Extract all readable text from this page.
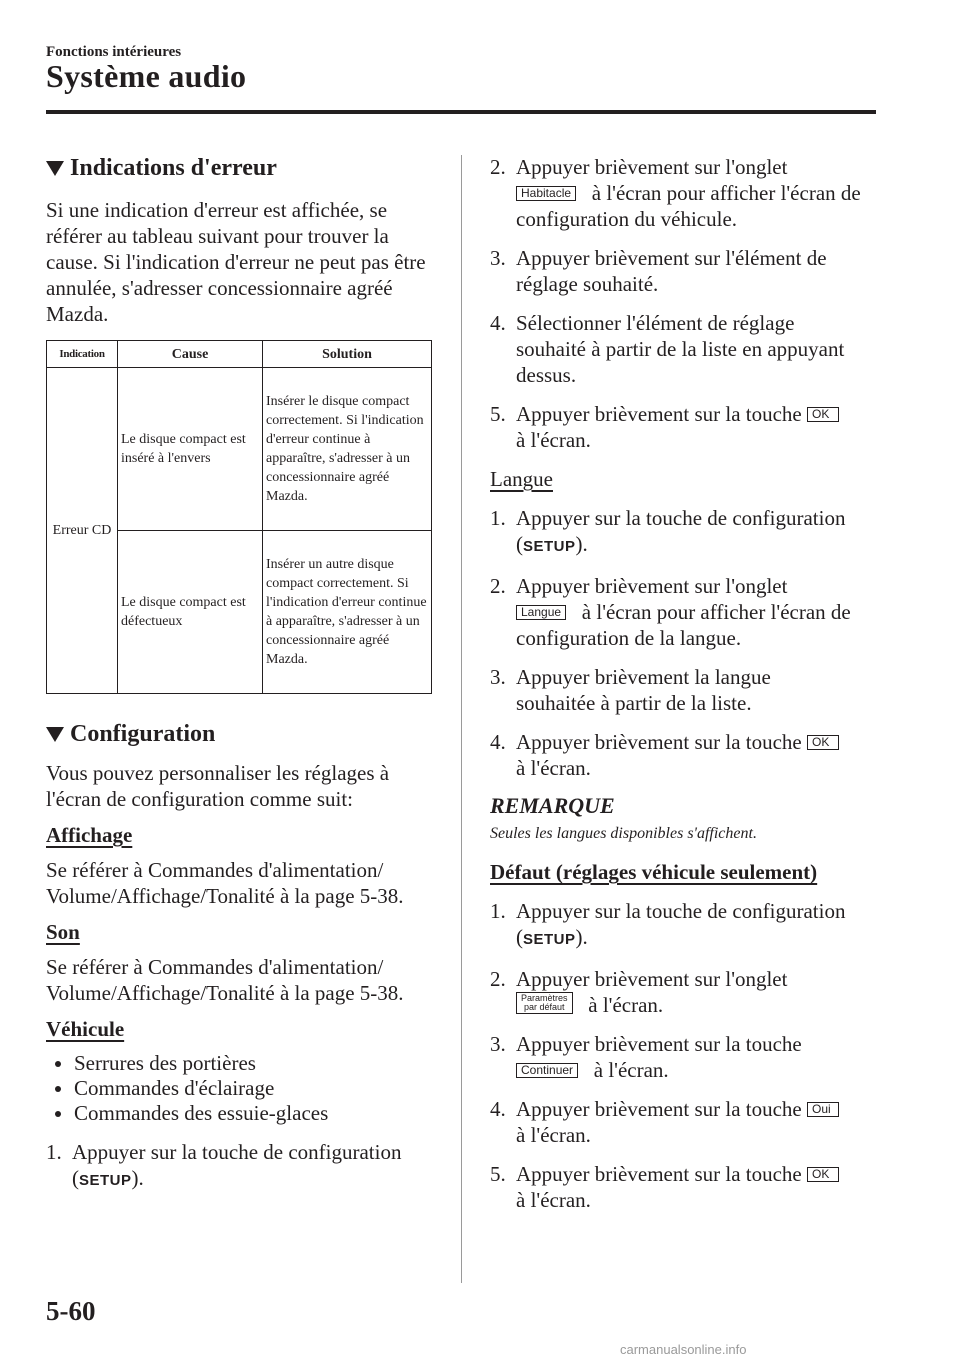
Fonctions intérieures
Système audio
Indications d'erreur

Si une indication d'erreur est affichée, se référer au tableau suivant pour trouver la cause. Si l'indication d'erreur ne peut pas être annulée, s'adresser concessionnaire agréé Mazda.

Indication	Cause	Solution
Erreur CD	Le disque compact est inséré à l'envers	Insérer le disque compact correctement. Si l'indication d'erreur continue à apparaître, s'adresser à un concessionnaire agréé Mazda.
	Le disque compact est défectueux	Insérer un autre disque compact correctement. Si l'indication d'erreur continue à apparaître, s'adresser à un concessionnaire agréé Mazda.
Configuration

Vous pouvez personnaliser les réglages à l'écran de configuration comme suit:

Affichage

Se référer à Commandes d'alimentation/ Volume/Affichage/Tonalité à la page 5-38.

Son

Se référer à Commandes d'alimentation/ Volume/Affichage/Tonalité à la page 5-38.

Véhicule
Serrures des portières
Commandes d'éclairage
Commandes des essuie-glaces
1. Appuyer sur la touche de configuration
(SETUP).
2. Appuyer brièvement sur l'onglet
Habitacle à l'écran pour afficher l'écran de configuration du véhicule.
3. Appuyer brièvement sur l'élément de
réglage souhaité.
4. Sélectionner l'élément de réglage
souhaité à partir de la liste en appuyant
dessus.
5. Appuyer brièvement sur la touche OK
à l'écran.
Langue
1. Appuyer sur la touche de configuration
(SETUP).
2. Appuyer brièvement sur l'onglet
Langue à l'écran pour afficher l'écran de configuration de la langue.
3. Appuyer brièvement la langue
souhaitée à partir de la liste.
4. Appuyer brièvement sur la touche OK
à l'écran.
REMARQUE
Seules les langues disponibles s'affichent.
Défaut (réglages véhicule seulement)
1. Appuyer sur la touche de configuration
(SETUP).
2. Appuyer brièvement sur l'onglet
Paramètres
par défaut à l'écran.
3. Appuyer brièvement sur la touche
Continuer à l'écran.
4. Appuyer brièvement sur la touche Oui
à l'écran.
5. Appuyer brièvement sur la touche OK
à l'écran.
5-60
carmanualsonline.info
